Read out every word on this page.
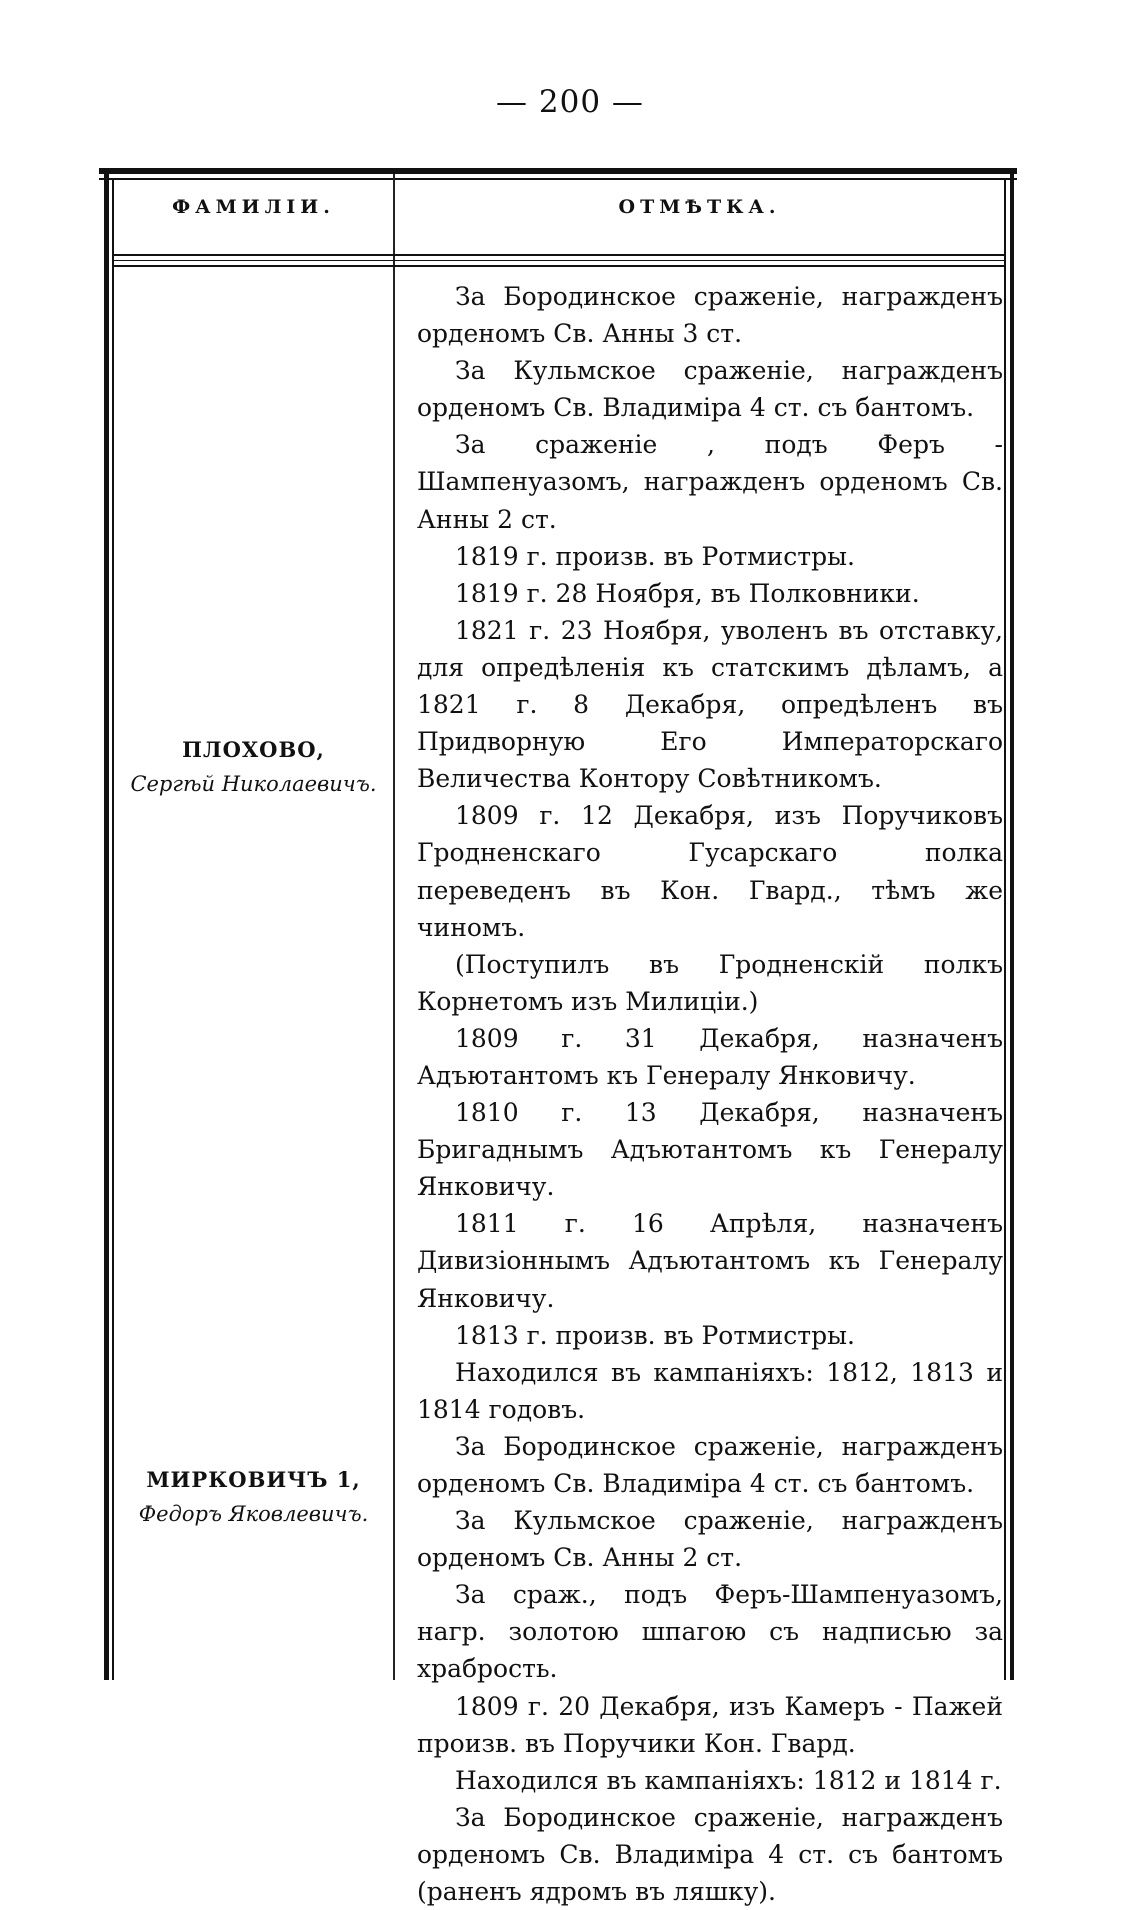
— 200 —
ФАМИЛІИ.	ОТМѢТКА.
ПЛОХОВО,
Сергѣй Николаевичъ.
МИРКОВИЧЪ 1,
Федоръ Яковлевичъ.

За Бородинское сраженіе, награжденъ орденомъ Св. Анны 3 ст.

За Кульмское сраженіе, награжденъ орденомъ Св. Владиміра 4 ст. съ бантомъ.

За сраженіе , подъ Феръ - Шампенуазомъ, награжденъ орденомъ Св. Анны 2 ст.

1819 г. произв. въ Ротмистры.

1819 г. 28 Ноября, въ Полковники.

1821 г. 23 Ноября, уволенъ въ отставку, для опредѣленія къ статскимъ дѣламъ, а 1821 г. 8 Декабря, опредѣленъ въ Придворную Его Императорскаго Величества Контору Совѣтникомъ.

1809 г. 12 Декабря, изъ Поручиковъ Гродненскаго Гусарскаго полка переведенъ въ Кон. Гвард., тѣмъ же чиномъ.

(Поступилъ въ Гродненскій полкъ Корнетомъ изъ Милиціи.)

1809 г. 31 Декабря, назначенъ Адъютантомъ къ Генералу Янковичу.

1810 г. 13 Декабря, назначенъ Бригаднымъ Адъютантомъ къ Генералу Янковичу.

1811 г. 16 Апрѣля, назначенъ Дивизіоннымъ Адъютантомъ къ Генералу Янковичу.

1813 г. произв. въ Ротмистры.

Находился въ кампаніяхъ: 1812, 1813 и 1814 годовъ.

За Бородинское сраженіе, награжденъ орденомъ Св. Владиміра 4 ст. съ бантомъ.

За Кульмское сраженіе, награжденъ орденомъ Св. Анны 2 ст.

За сраж., подъ Феръ-Шампенуазомъ, нагр. золотою шпагою съ надписью за храбрость.

1809 г. 20 Декабря, изъ Камеръ - Пажей произв. въ Поручики Кон. Гвард.

Находился въ кампаніяхъ: 1812 и 1814 г.

За Бородинское сраженіе, награжденъ орденомъ Св. Владиміра 4 ст. съ бантомъ (раненъ ядромъ въ ляшку).
